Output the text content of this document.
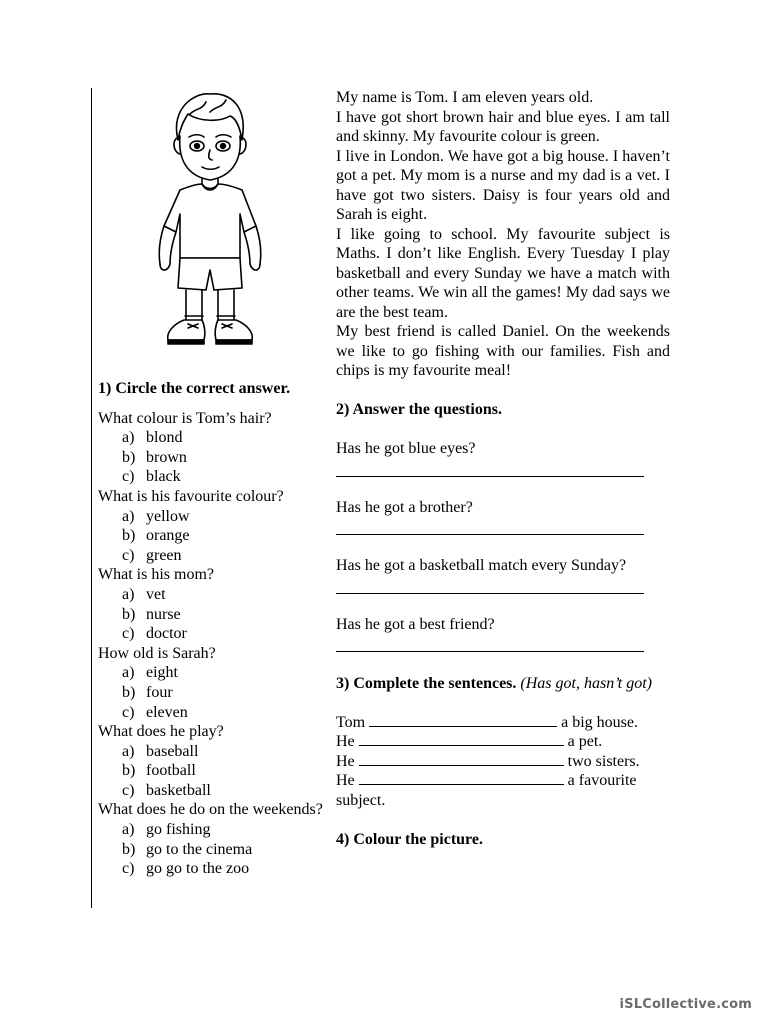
My name is Tom. I am eleven years old.

I have got short brown hair and blue eyes. I am tall and skinny. My favourite colour is green.

I live in London. We have got a big house. I haven’t got a pet. My mom is a nurse and my dad is a vet. I have got two sisters. Daisy is four years old and Sarah is eight.

I like going to school. My favourite subject is Maths. I don’t like English. Every Tuesday I play basketball and every Sunday we have a match with other teams. We win all the games! My dad says we are the best team.

My best friend is called Daniel. On the weekends we like to go fishing with our families. Fish and chips is my favourite meal!

2) Answer the questions.
Has he got blue eyes?
Has he got a brother?
Has he got a basketball match every Sunday?
Has he got a best friend?
3) Complete the sentences. (Has got, hasn’t got)
Tom	a big house.
He	a pet.
He	two sisters.
He	a favourite
subject.
4) Colour the picture.
1) Circle the correct answer.
What colour is Tom’s hair?
a) blond
b) brown
c) black
What is his favourite colour?
a) yellow
b) orange
c) green
What is his mom?
a) vet
b) nurse
c) doctor
How old is Sarah?
a) eight
b) four
c) eleven
What does he play?
a) baseball
b) football
c) basketball
What does he do on the weekends?
a) go fishing
b) go to the cinema
c) go go to the zoo
iSLCollective.com
